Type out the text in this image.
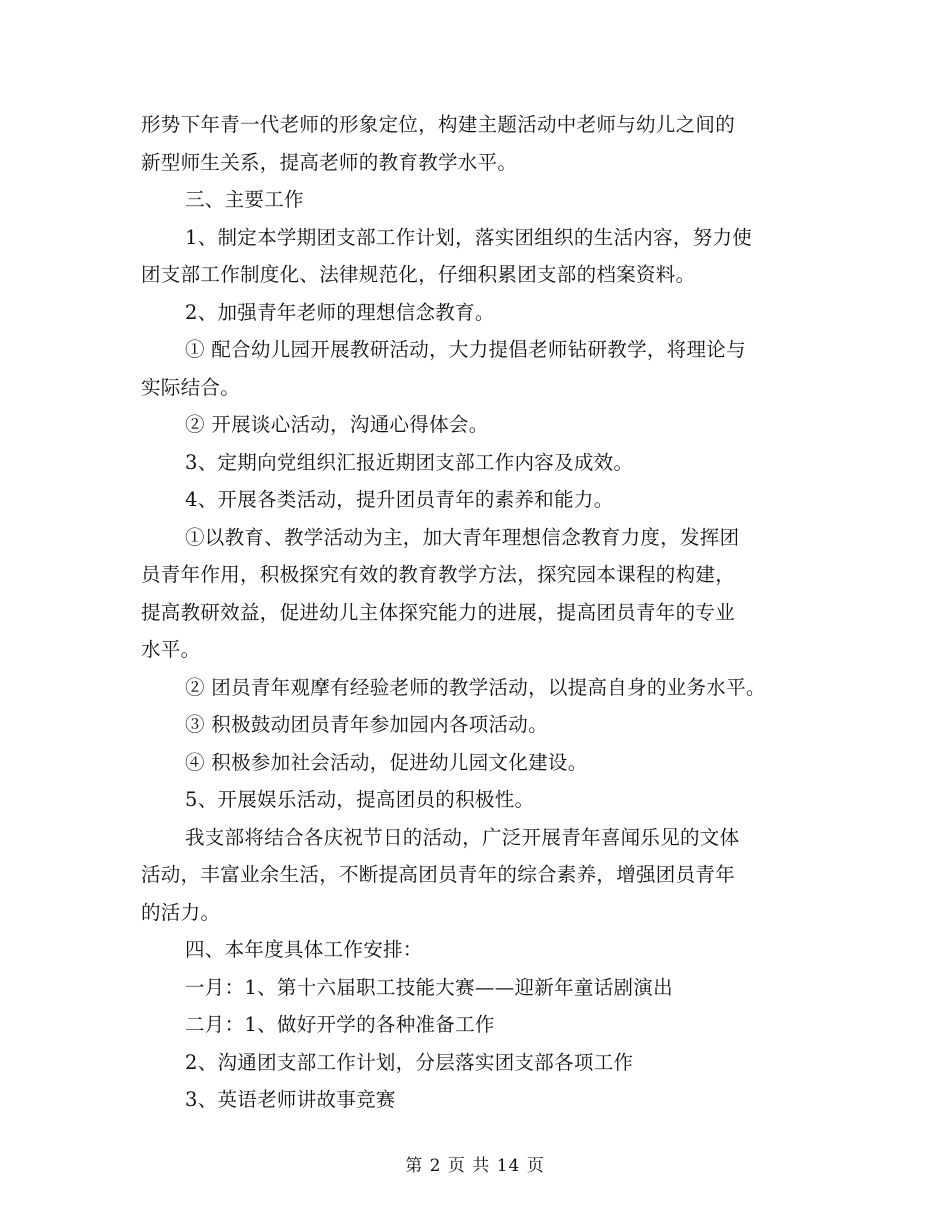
形势下年青一代老师的形象定位，构建主题活动中老师与幼儿之间的
新型师生关系，提高老师的教育教学水平。
三、主要工作
1、制定本学期团支部工作计划，落实团组织的生活内容，努力使
团支部工作制度化、法律规范化，仔细积累团支部的档案资料。
2、加强青年老师的理想信念教育。
① 配合幼儿园开展教研活动，大力提倡老师钻研教学，将理论与
实际结合。
② 开展谈心活动，沟通心得体会。
3、定期向党组织汇报近期团支部工作内容及成效。
4、开展各类活动，提升团员青年的素养和能力。
①以教育、教学活动为主，加大青年理想信念教育力度，发挥团
员青年作用，积极探究有效的教育教学方法，探究园本课程的构建，
提高教研效益，促进幼儿主体探究能力的进展，提高团员青年的专业
水平。
② 团员青年观摩有经验老师的教学活动，以提高自身的业务水平。
③ 积极鼓动团员青年参加园内各项活动。
④ 积极参加社会活动，促进幼儿园文化建设。
5、开展娱乐活动，提高团员的积极性。
我支部将结合各庆祝节日的活动，广泛开展青年喜闻乐见的文体
活动，丰富业余生活，不断提高团员青年的综合素养，增强团员青年
的活力。
四、本年度具体工作安排：
一月：1、第十六届职工技能大赛——迎新年童话剧演出
二月：1、做好开学的各种准备工作
2、沟通团支部工作计划，分层落实团支部各项工作
3、英语老师讲故事竞赛
第 2 页 共 14 页
